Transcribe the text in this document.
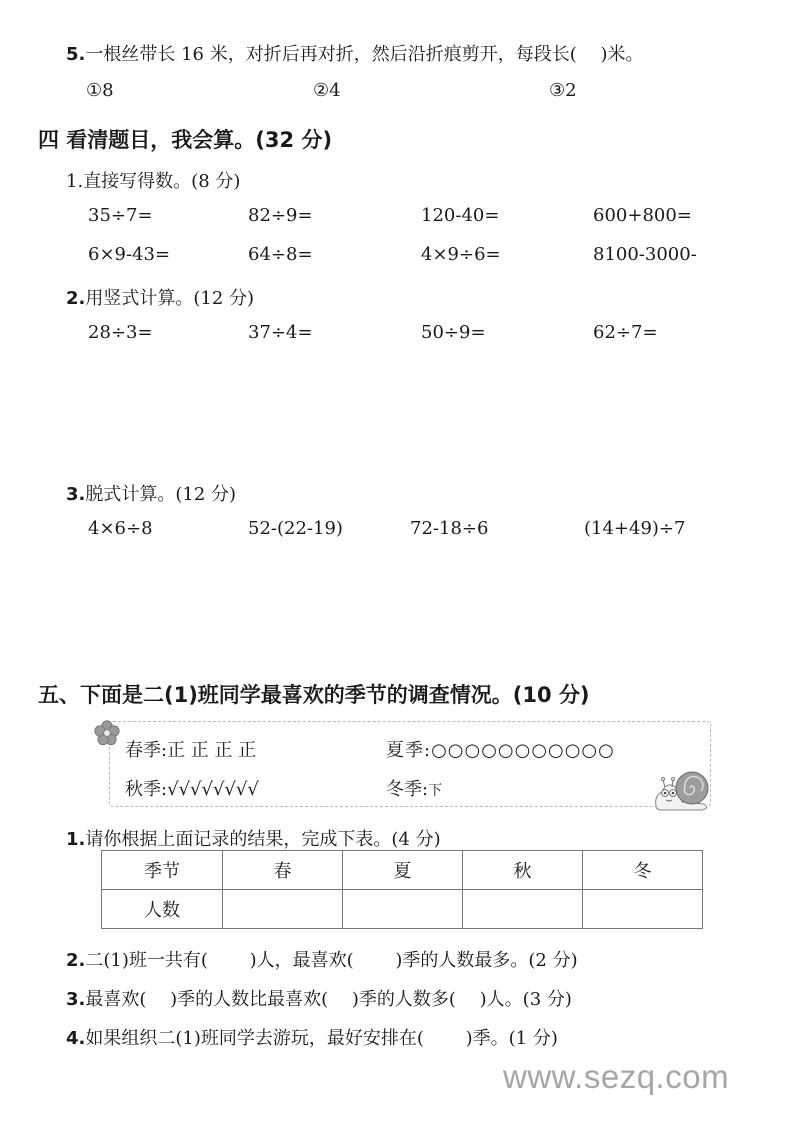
5.一根丝带长 16 米，对折后再对折，然后沿折痕剪开，每段长(　 )米。
①8	②4	③2
四 看清题目，我会算。(32 分)
1.直接写得数。(8 分)
35÷7=	82÷9=	120-40=	600+800=
6×9-43=	64÷8=	4×9÷6=	8100-3000-
2.用竖式计算。(12 分)
28÷3=	37÷4=	50÷9=	62÷7=
3.脱式计算。(12 分)
4×6÷8	52-(22-19)	72-18÷6	(14+49)÷7
五、下面是二(1)班同学最喜欢的季节的调查情况。(10 分)
春季:正 正 正 正	夏季:○○○○○○○○○○○
秋季:√√√√√√√√	冬季:下
1.请你根据上面记录的结果，完成下表。(4 分)
季节	春	夏	秋	冬
人数				
2.二(1)班一共有(　　 )人，最喜欢(　　 )季的人数最多。(2 分)
3.最喜欢(　 )季的人数比最喜欢(　 )季的人数多(　 )人。(3 分)
4.如果组织二(1)班同学去游玩，最好安排在(　　 )季。(1 分)
www.sezq.com
